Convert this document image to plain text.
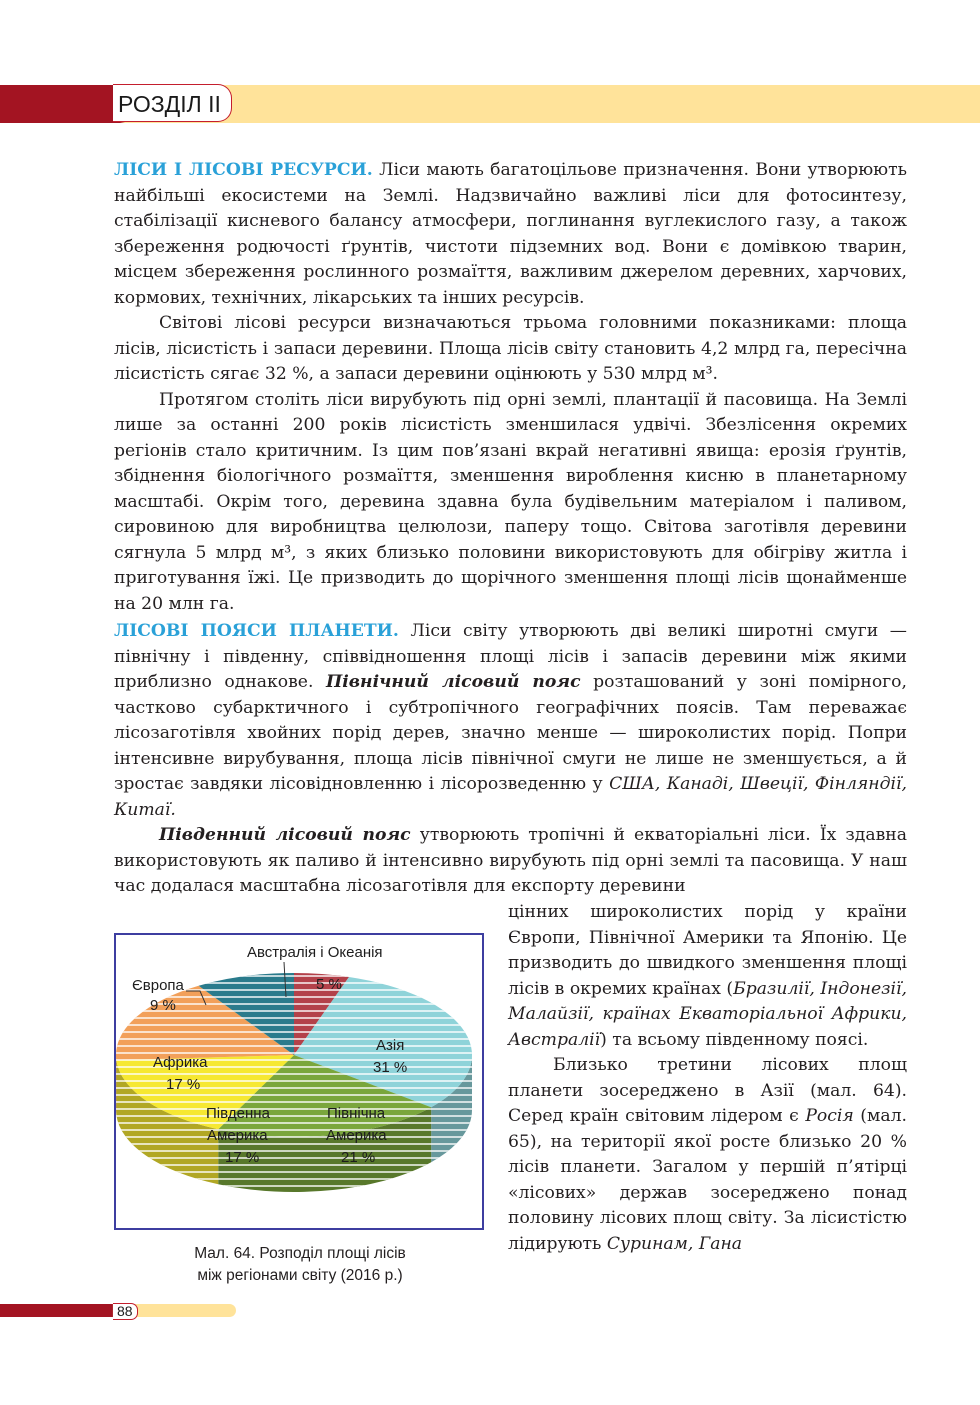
РОЗДІЛ II

ЛІСИ І ЛІСОВІ РЕСУРСИ. Ліси мають багатоцільове призначення. Вони утворюють найбільші екосистеми на Землі. Надзвичайно важливі ліси для фотосинтезу, стабілізації кисневого балансу атмосфери, поглинання вуглекислого газу, а також збереження родючості ґрунтів, чистоти підземних вод. Вони є домівкою тварин, місцем збереження рослинного розмаїття, важливим джерелом деревних, харчових, кормових, технічних, лікарських та інших ресурсів.

Світові лісові ресурси визначаються трьома головними показниками: площа лісів, лісистість і запаси деревини. Площа лісів світу становить 4,2 млрд га, пересічна лісистість сягає 32 %, а запаси деревини оцінюють у 530 млрд м³.

Протягом століть ліси вирубують під орні землі, плантації й пасовища. На Землі лише за останні 200 років лісистість зменшилася удвічі. Збезлісення окремих регіонів стало критичним. Із цим пов’язані вкрай негативні явища: ерозія ґрунтів, збіднення біологічного розмаїття, зменшення вироблення кисню в планетарному масштабі. Окрім того, деревина здавна була будівельним матеріалом і паливом, сировиною для виробництва целюлози, паперу тощо. Світова заготівля деревини сягнула 5 млрд м³, з яких близько половини використовують для обігріву житла і приготування їжі. Це призводить до щорічного зменшення площі лісів щонайменше на 20 млн га.

ЛІСОВІ ПОЯСИ ПЛАНЕТИ. Ліси світу утворюють дві великі широтні смуги — північну і південну, співвідношення площі лісів і запасів деревини між якими приблизно однакове. Північний лісовий пояс розташований у зоні помірного, частково субарктичного і субтропічного географічних поясів. Там переважає лісозаготівля хвойних порід дерев, значно менше — широколистих порід. Попри інтенсивне вирубування, площа лісів північної смуги не лише не зменшується, а й зростає завдяки лісовідновленню і лісорозведенню у США, Канаді, Швеції, Фінляндії, Китаї.

Південний лісовий пояс утворюють тропічні й екваторіальні ліси. Їх здавна використовують як паливо й інтенсивно вирубують під орні землі та пасовища. У наш час додалася масштабна лісозаготівля для експорту деревини

цінних широколистих порід у країни Європи, Північної Америки та Японію. Це призводить до швидкого зменшення площі лісів в окремих країнах (Бразилії, Індонезії, Малайзії, країнах Екваторіальної Африки, Австралії) та всьому південному поясі.

Близько третини лісових площ планети зосереджено в Азії (мал. 64). Серед країн світовим лідером є Росія (мал. 65), на території якої росте близько 20 % лісів планети. Загалом у першій п’ятірці «лісових» держав зосереджено понад половину лісових площ світу. За лісистістю лідирують Суринам, Гана

Австралія і Океанія
5 %
Європа
9 %
Азія
31 %
Африка
17 %
Південна
Америка
17 %
Північна
Америка
21 %
Мал. 64. Розподіл площі лісів
між регіонами світу (2016 р.)
88
